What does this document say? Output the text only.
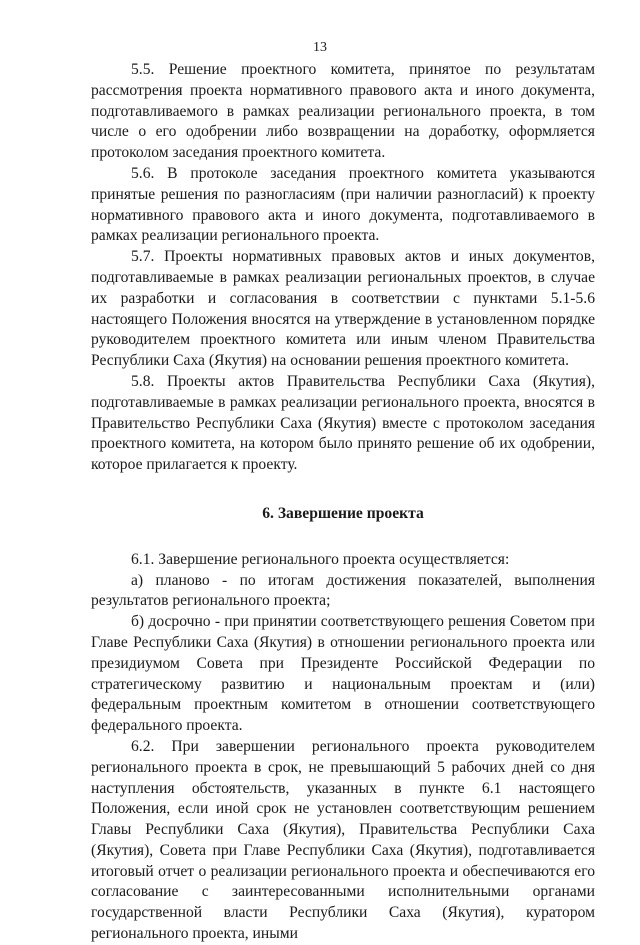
13

5.5. Решение проектного комитета, принятое по результатам рассмотрения проекта нормативного правового акта и иного документа, подготавливаемого в рамках реализации регионального проекта, в том числе о его одобрении либо возвращении на доработку, оформляется протоколом заседания проектного комитета.

5.6. В протоколе заседания проектного комитета указываются принятые решения по разногласиям (при наличии разногласий) к проекту нормативного правового акта и иного документа, подготавливаемого в рамках реализации регионального проекта.

5.7. Проекты нормативных правовых актов и иных документов, подготавливаемые в рамках реализации региональных проектов, в случае их разработки и согласования в соответствии с пунктами 5.1-5.6 настоящего Положения вносятся на утверждение в установленном порядке руководителем проектного комитета или иным членом Правительства Республики Саха (Якутия) на основании решения проектного комитета.

5.8. Проекты актов Правительства Республики Саха (Якутия), подготавливаемые в рамках реализации регионального проекта, вносятся в Правительство Республики Саха (Якутия) вместе с протоколом заседания проектного комитета, на котором было принято решение об их одобрении, которое прилагается к проекту.

6. Завершение проекта

6.1. Завершение регионального проекта осуществляется:

а) планово - по итогам достижения показателей, выполнения результатов регионального проекта;

б) досрочно - при принятии соответствующего решения Советом при Главе Республики Саха (Якутия) в отношении регионального проекта или президиумом Совета при Президенте Российской Федерации по стратегическому развитию и национальным проектам и (или) федеральным проектным комитетом в отношении соответствующего федерального проекта.

6.2. При завершении регионального проекта руководителем регионального проекта в срок, не превышающий 5 рабочих дней со дня наступления обстоятельств, указанных в пункте 6.1 настоящего Положения, если иной срок не установлен соответствующим решением Главы Республики Саха (Якутия), Правительства Республики Саха (Якутия), Совета при Главе Республики Саха (Якутия), подготавливается итоговый отчет о реализации регионального проекта и обеспечиваются его согласование с заинтересованными исполнительными органами государственной власти Республики Саха (Якутия), куратором регионального проекта, иными
